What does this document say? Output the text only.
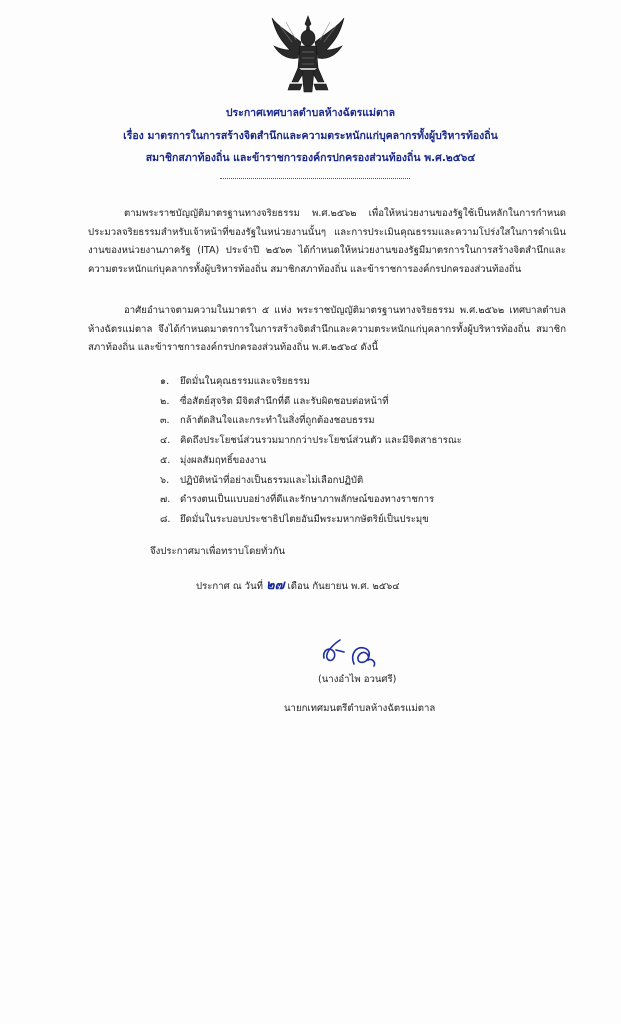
ประกาศเทศบาลตำบลห้างฉัตรแม่ตาล
เรื่อง มาตรการในการสร้างจิตสำนึกและความตระหนักแก่บุคลากรทั้งผู้บริหารท้องถิ่น
สมาชิกสภาท้องถิ่น และข้าราชการองค์กรปกครองส่วนท้องถิ่น พ.ศ.๒๕๖๔
ตามพระราชบัญญัติมาตรฐานทางจริยธรรม พ.ศ.๒๕๖๒ เพื่อให้หน่วยงานของรัฐใช้เป็นหลักในการกำหนดประมวลจริยธรรมสำหรับเจ้าหน้าที่ของรัฐในหน่วยงานนั้นๆ และการประเมินคุณธรรมและความโปร่งใสในการดำเนินงานของหน่วยงานภาครัฐ (ITA) ประจำปี ๒๕๖๓ ได้กำหนดให้หน่วยงานของรัฐมีมาตรการในการสร้างจิตสำนึกและความตระหนักแก่บุคลากรทั้งผู้บริหารท้องถิ่น สมาชิกสภาท้องถิ่น และข้าราชการองค์กรปกครองส่วนท้องถิ่น
อาศัยอำนาจตามความในมาตรา ๕ แห่ง พระราชบัญญัติมาตรฐานทางจริยธรรม พ.ศ.๒๕๖๒ เทศบาลตำบลห้างฉัตรแม่ตาล จึงได้กำหนดมาตรการในการสร้างจิตสำนึกและความตระหนักแก่บุคลากรทั้งผู้บริหารท้องถิ่น สมาชิกสภาท้องถิ่น และข้าราชการองค์กรปกครองส่วนท้องถิ่น พ.ศ.๒๕๖๔ ดังนี้
๑. ยึดมั่นในคุณธรรมและจริยธรรม
๒. ซื่อสัตย์สุจริต มีจิตสำนึกที่ดี และรับผิดชอบต่อหน้าที่
๓. กล้าตัดสินใจและกระทำในสิ่งที่ถูกต้องชอบธรรม
๔. คิดถึงประโยชน์ส่วนรวมมากกว่าประโยชน์ส่วนตัว และมีจิตสาธารณะ
๕. มุ่งผลสัมฤทธิ์ของงาน
๖. ปฏิบัติหน้าที่อย่างเป็นธรรมและไม่เลือกปฏิบัติ
๗. ดำรงตนเป็นแบบอย่างที่ดีและรักษาภาพลักษณ์ของทางราชการ
๘. ยึดมั่นในระบอบประชาธิปไตยอันมีพระมหากษัตริย์เป็นประมุข
จึงประกาศมาเพื่อทราบโดยทั่วกัน
ประกาศ ณ วันที่ ๒๗ เดือน กันยายน พ.ศ. ๒๕๖๔
(นางอำไพ อวนศรี)
นายกเทศมนตรีตำบลห้างฉัตรแม่ตาล
